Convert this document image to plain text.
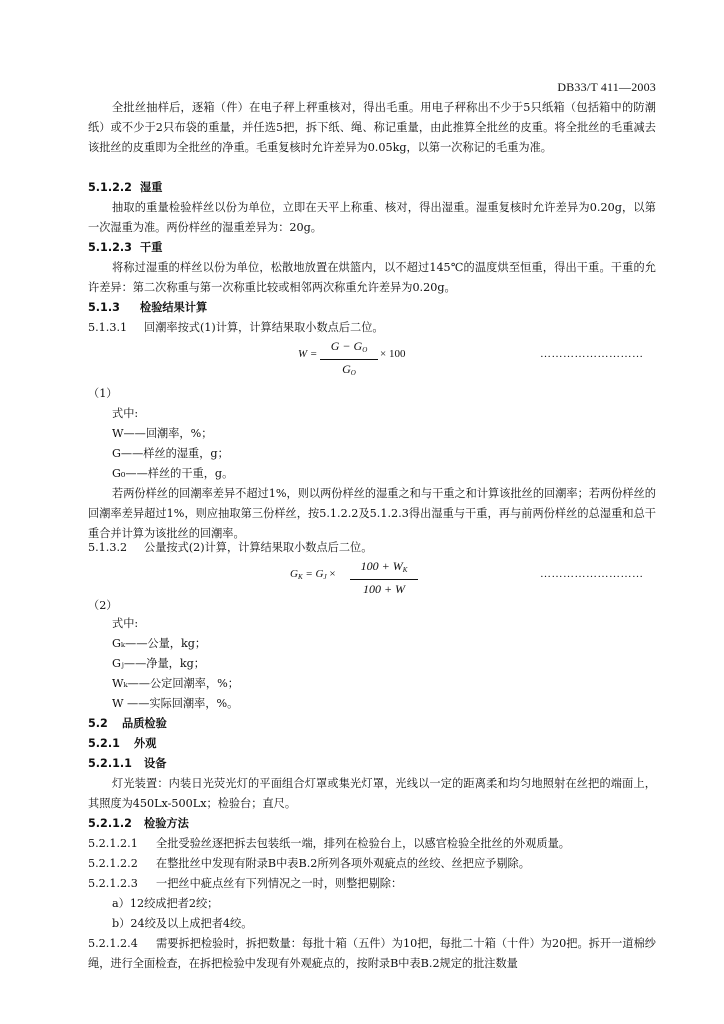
DB33/T 411—2003

全批丝抽样后，逐箱（件）在电子秤上秤重核对，得出毛重。用电子秤称出不少于5只纸箱（包括箱中的防潮纸）或不少于2只布袋的重量，并任选5把，拆下纸、绳、称记重量，由此推算全批丝的皮重。将全批丝的毛重减去该批丝的皮重即为全批丝的净重。毛重复核时允许差异为0.05kg，以第一次称记的毛重为准。

5.1.2.2 湿重

抽取的重量检验样丝以份为单位，立即在天平上称重、核对，得出湿重。湿重复核时允许差异为0.20g，以第一次湿重为准。两份样丝的湿重差异为：20g。

5.1.2.3 干重

将称过湿重的样丝以份为单位，松散地放置在烘篮内，以不超过145℃的温度烘至恒重，得出干重。干重的允许差异：第二次称重与第一次称重比较或相邻两次称重允许差异为0.20g。

5.1.3 检验结果计算
5.1.3.1 回潮率按式(1)计算，计算结果取小数点后二位。
W =
$G - G_O$
$G_O$
× 100	………………………
（1）
式中:
W——回潮率，%；
G——样丝的湿重，g；
G₀——样丝的干重，g。

若两份样丝的回潮率差异不超过1%，则以两份样丝的湿重之和与干重之和计算该批丝的回潮率；若两份样丝的回潮率差异超过1%，则应抽取第三份样丝，按5.1.2.2及5.1.2.3得出湿重与干重，再与前两份样丝的总湿重和总干重合并计算为该批丝的回潮率。

5.1.3.2 公量按式(2)计算，计算结果取小数点后二位。
$G_K = G_J$ ×
$100 + W_K$
100 + W
………………………
（2）
式中:
Gₖ——公量，kg；
Gⱼ——净量，kg；
Wₖ——公定回潮率，%；
W ——实际回潮率，%。
5.2 品质检验
5.2.1 外观
5.2.1.1 设备

灯光装置：内装日光荧光灯的平面组合灯罩或集光灯罩，光线以一定的距离柔和均匀地照射在丝把的端面上，其照度为450Lx-500Lx；检验台；直尺。

5.2.1.2 检验方法
5.2.1.2.1 全批受验丝逐把拆去包装纸一端，排列在检验台上，以感官检验全批丝的外观质量。
5.2.1.2.2 在整批丝中发现有附录B中表B.2所列各项外观疵点的丝绞、丝把应予剔除。
5.2.1.2.3 一把丝中疵点丝有下列情况之一时，则整把剔除：
a）12绞成把者2绞；
b）24绞及以上成把者4绞。

5.2.1.2.4 需要拆把检验时，拆把数量：每批十箱（五件）为10把，每批二十箱（十件）为20把。拆开一道棉纱绳，进行全面检查，在拆把检验中发现有外观疵点的，按附录B中表B.2规定的批注数量
